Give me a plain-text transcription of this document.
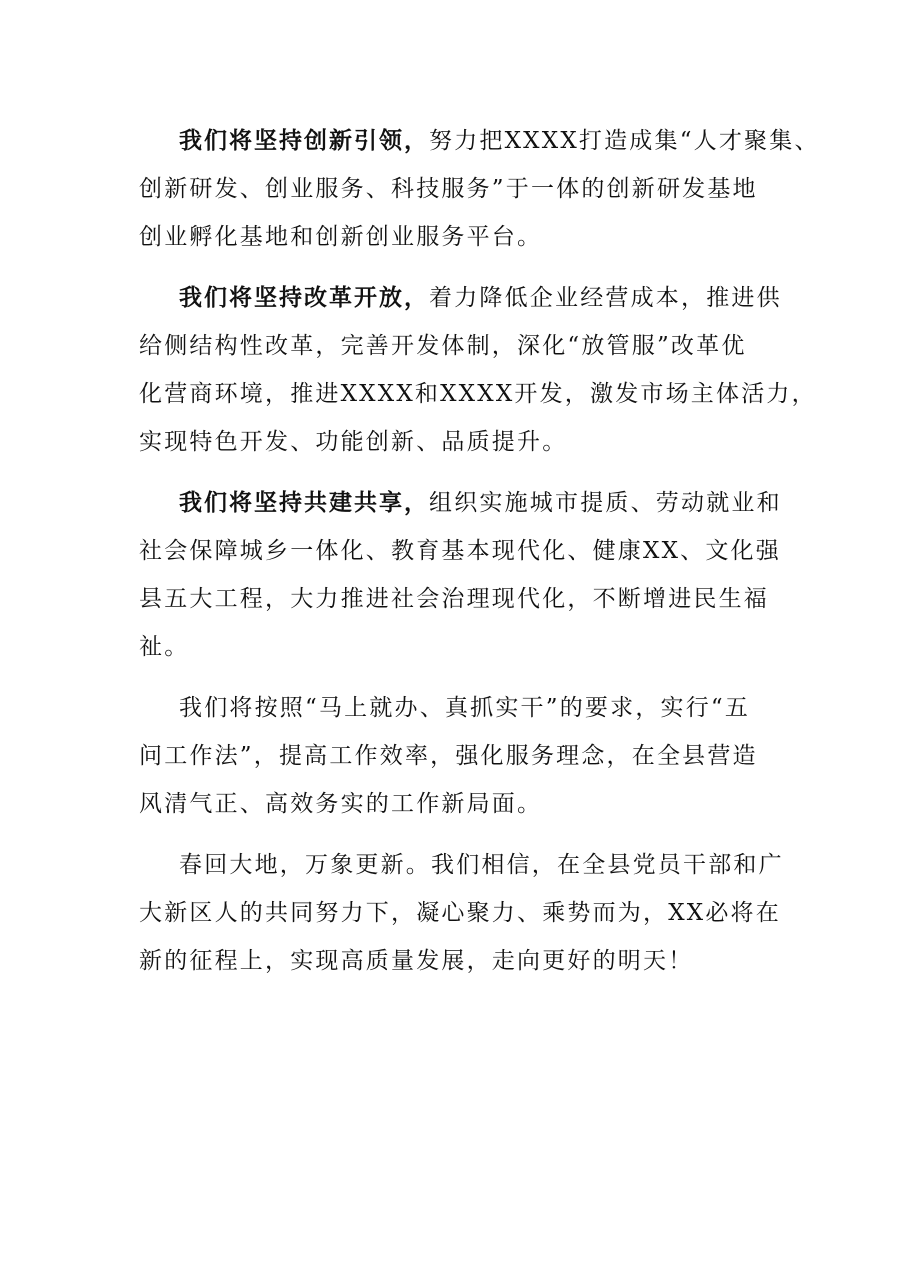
我们将坚持创新引领，努力把XXXX打造成集“人才聚集、
创新研发、创业服务、科技服务”于一体的创新研发基地
创业孵化基地和创新创业服务平台。

我们将坚持改革开放，着力降低企业经营成本，推进供
给侧结构性改革，完善开发体制，深化“放管服”改革优
化营商环境，推进XXXX和XXXX开发，激发市场主体活力，
实现特色开发、功能创新、品质提升。

我们将坚持共建共享，组织实施城市提质、劳动就业和
社会保障城乡一体化、教育基本现代化、健康XX、文化强
县五大工程，大力推进社会治理现代化，不断增进民生福
祉。

我们将按照“马上就办、真抓实干”的要求，实行“五
问工作法”，提高工作效率，强化服务理念，在全县营造
风清气正、高效务实的工作新局面。

春回大地，万象更新。我们相信，在全县党员干部和广
大新区人的共同努力下，凝心聚力、乘势而为，XX必将在
新的征程上，实现高质量发展，走向更好的明天！
